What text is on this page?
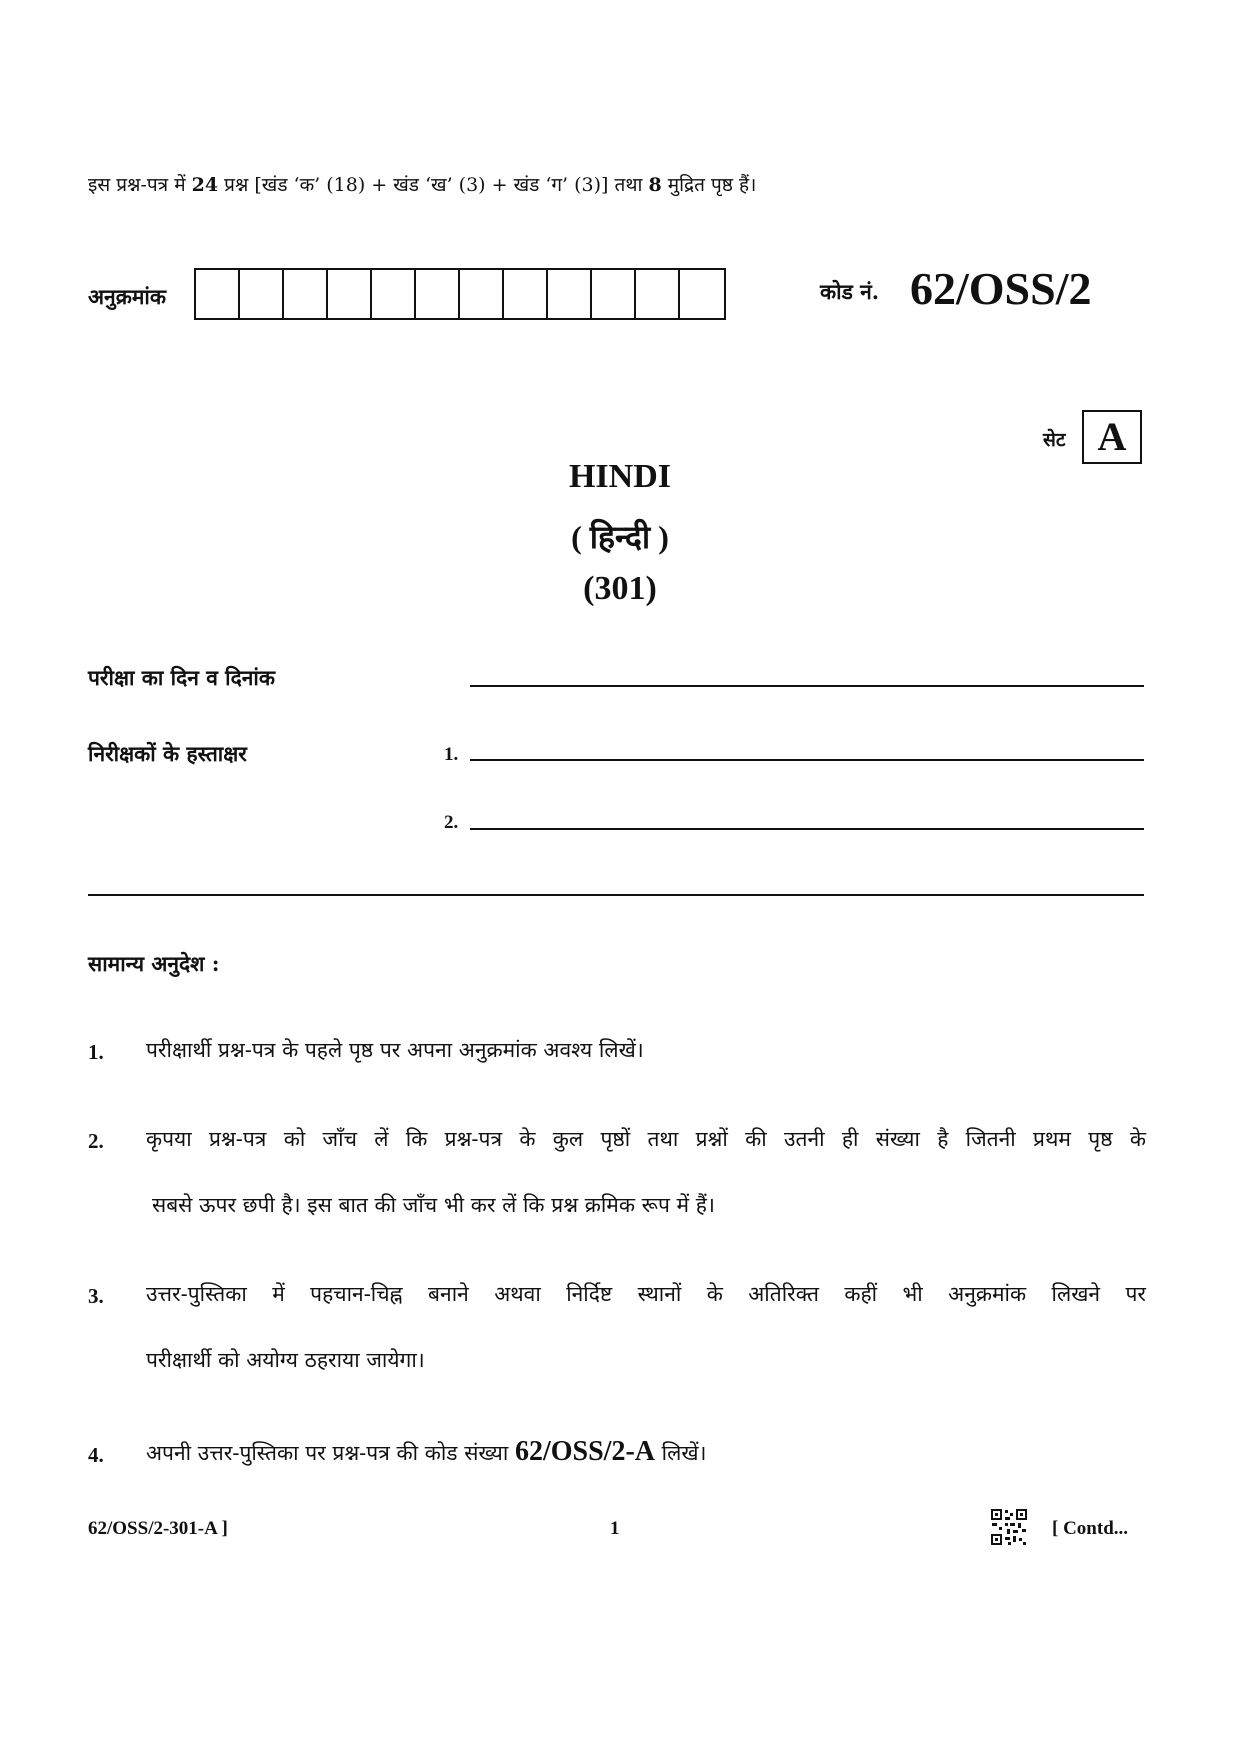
इस प्रश्न-पत्र में 24 प्रश्न [खंड ‘क’ (18) + खंड ‘ख’ (3) + खंड ‘ग’ (3)] तथा 8 मुद्रित पृष्ठ हैं।
अनुक्रमांक	कोड नं. 62/OSS/2
सेट A
HINDI
( हिन्दी )
(301)
परीक्षा का दिन व दिनांक
निरीक्षकों के हस्ताक्षर	1.
2.
सामान्य अनुदेश :
1. परीक्षार्थी प्रश्न-पत्र के पहले पृष्ठ पर अपना अनुक्रमांक अवश्य लिखें।
2. कृपया प्रश्न-पत्र को जाँच लें कि प्रश्न-पत्र के कुल पृष्ठों तथा प्रश्नों की उतनी ही संख्या है जितनी प्रथम पृष्ठ के
सबसे ऊपर छपी है। इस बात की जाँच भी कर लें कि प्रश्न क्रमिक रूप में हैं।
3. उत्तर-पुस्तिका में पहचान-चिह्न बनाने अथवा निर्दिष्ट स्थानों के अतिरिक्त कहीं भी अनुक्रमांक लिखने पर
परीक्षार्थी को अयोग्य ठहराया जायेगा।
4. अपनी उत्तर-पुस्तिका पर प्रश्न-पत्र की कोड संख्या 62/OSS/2-A लिखें।
62/OSS/2-301-A ]	1	[ Contd...
